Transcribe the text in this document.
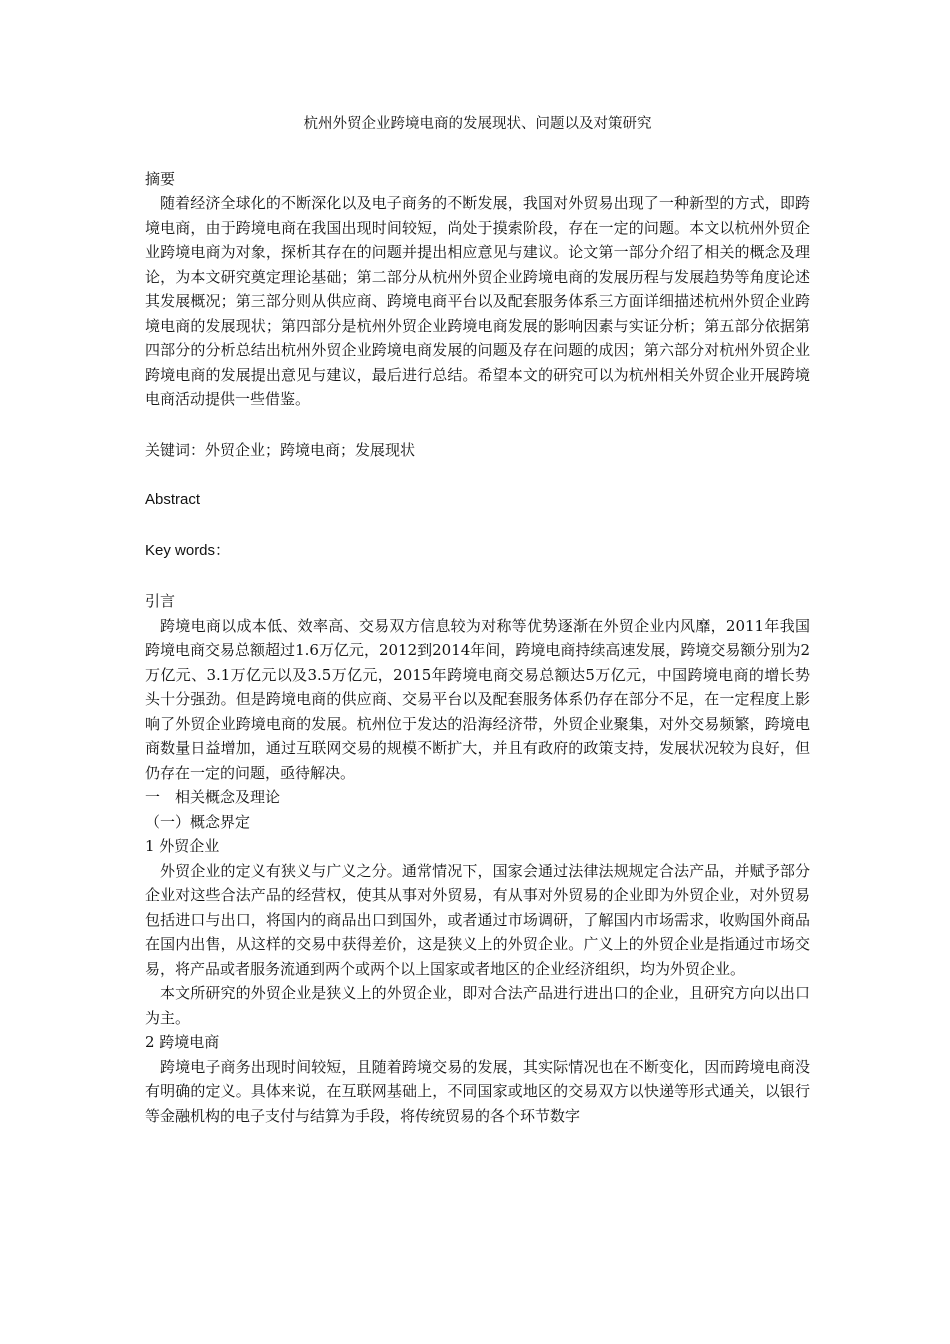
杭州外贸企业跨境电商的发展现状、问题以及对策研究

摘要

随着经济全球化的不断深化以及电子商务的不断发展，我国对外贸易出现了一种新型的方式，即跨境电商，由于跨境电商在我国出现时间较短，尚处于摸索阶段，存在一定的问题。本文以杭州外贸企业跨境电商为对象，探析其存在的问题并提出相应意见与建议。论文第一部分介绍了相关的概念及理论，为本文研究奠定理论基础；第二部分从杭州外贸企业跨境电商的发展历程与发展趋势等角度论述其发展概况；第三部分则从供应商、跨境电商平台以及配套服务体系三方面详细描述杭州外贸企业跨境电商的发展现状；第四部分是杭州外贸企业跨境电商发展的影响因素与实证分析；第五部分依据第四部分的分析总结出杭州外贸企业跨境电商发展的问题及存在问题的成因；第六部分对杭州外贸企业跨境电商的发展提出意见与建议，最后进行总结。希望本文的研究可以为杭州相关外贸企业开展跨境电商活动提供一些借鉴。

关键词：外贸企业；跨境电商；发展现状

Abstract

Key words：

引言

跨境电商以成本低、效率高、交易双方信息较为对称等优势逐渐在外贸企业内风靡，2011年我国跨境电商交易总额超过1.6万亿元，2012到2014年间，跨境电商持续高速发展，跨境交易额分别为2万亿元、3.1万亿元以及3.5万亿元，2015年跨境电商交易总额达5万亿元，中国跨境电商的增长势头十分强劲。但是跨境电商的供应商、交易平台以及配套服务体系仍存在部分不足，在一定程度上影响了外贸企业跨境电商的发展。杭州位于发达的沿海经济带，外贸企业聚集，对外交易频繁，跨境电商数量日益增加，通过互联网交易的规模不断扩大，并且有政府的政策支持，发展状况较为良好，但仍存在一定的问题，亟待解决。

一　相关概念及理论

（一）概念界定

1 外贸企业

外贸企业的定义有狭义与广义之分。通常情况下，国家会通过法律法规规定合法产品，并赋予部分企业对这些合法产品的经营权，使其从事对外贸易，有从事对外贸易的企业即为外贸企业，对外贸易包括进口与出口，将国内的商品出口到国外，或者通过市场调研，了解国内市场需求，收购国外商品在国内出售，从这样的交易中获得差价，这是狭义上的外贸企业。广义上的外贸企业是指通过市场交易，将产品或者服务流通到两个或两个以上国家或者地区的企业经济组织，均为外贸企业。

本文所研究的外贸企业是狭义上的外贸企业，即对合法产品进行进出口的企业，且研究方向以出口为主。

2 跨境电商

跨境电子商务出现时间较短，且随着跨境交易的发展，其实际情况也在不断变化，因而跨境电商没有明确的定义。具体来说，在互联网基础上，不同国家或地区的交易双方以快递等形式通关，以银行等金融机构的电子支付与结算为手段，将传统贸易的各个环节数字
